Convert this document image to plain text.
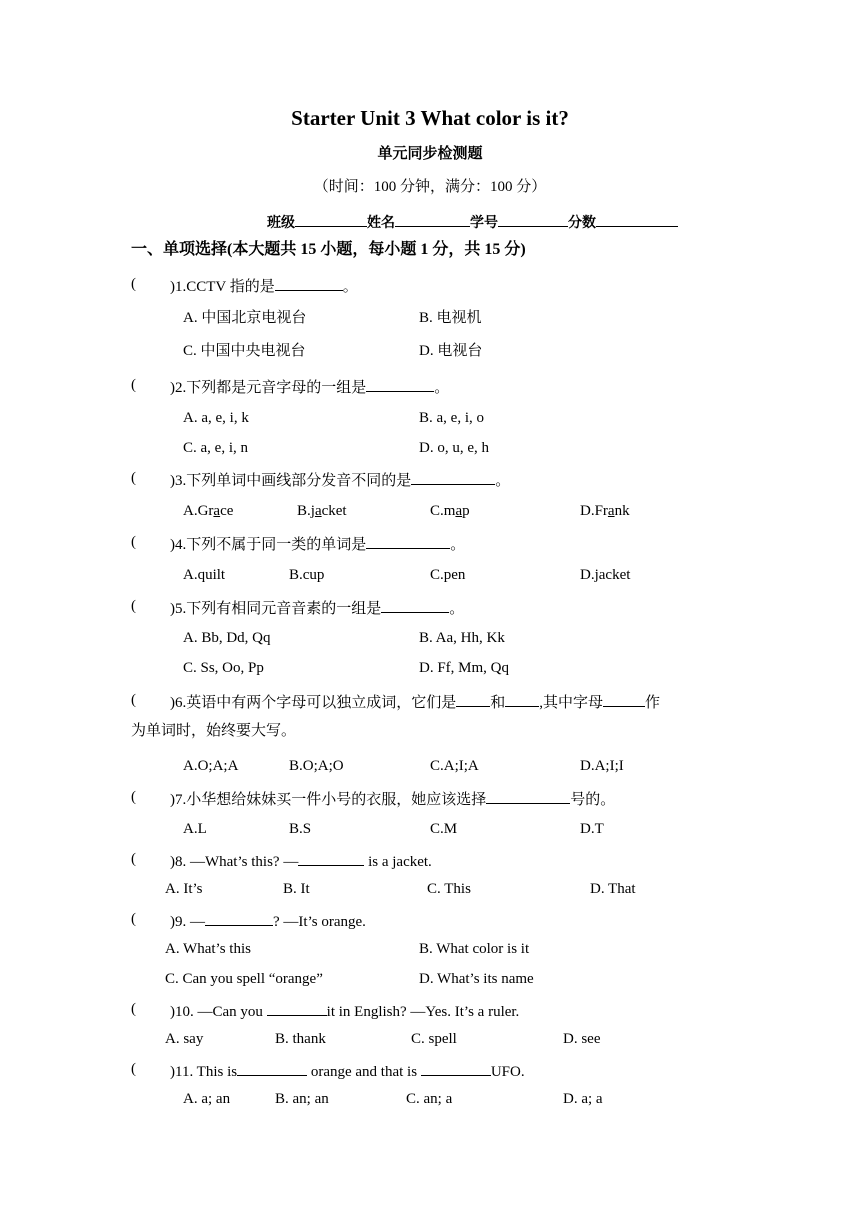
Starter Unit 3 What color is it?
单元同步检测题
（时间：100 分钟，满分：100 分）
班级	姓名	学号	分数
一、单项选择(本大题共 15 小题，每小题 1 分，共 15 分)
( )1.CCTV 指的是	。
A. 中国北京电视台	B. 电视机
C. 中国中央电视台	D. 电视台
( )2.下列都是元音字母的一组是	。
A. a, e, i, k	B. a, e, i, o
C. a, e, i, n	D. o, u, e, h
( )3.下列单词中画线部分发音不同的是	。
A.Grace	B.jacket	C.map	D.Frank
( )4.下列不属于同一类的单词是	。
A.quilt	B.cup	C.pen	D.jacket
( )5.下列有相同元音音素的一组是	。
A. Bb, Dd, Qq	B. Aa, Hh, Kk
C. Ss, Oo, Pp	D. Ff, Mm, Qq
( )6.英语中有两个字母可以独立成词，它们是 和 ,其中字母	作
为单词时，始终要大写。
A.O;A;A	B.O;A;O	C.A;I;A	D.A;I;I
( )7.小华想给妹妹买一件小号的衣服，她应该选择	号的。
A.L	B.S	C.M	D.T
( )8. —What’s this? —	is a jacket.
A. It’s	B. It	C. This	D. That
( )9. —	? —It’s orange.
A. What’s this	B. What color is it
C. Can you spell “orange”	D. What’s its name
( )10. —Can you	it in English? —Yes. It’s a ruler.
A. say	B. thank	C. spell	D. see
( )11. This is	orange and that is	UFO.
A. a; an	B. an; an	C. an; a	D. a; a
